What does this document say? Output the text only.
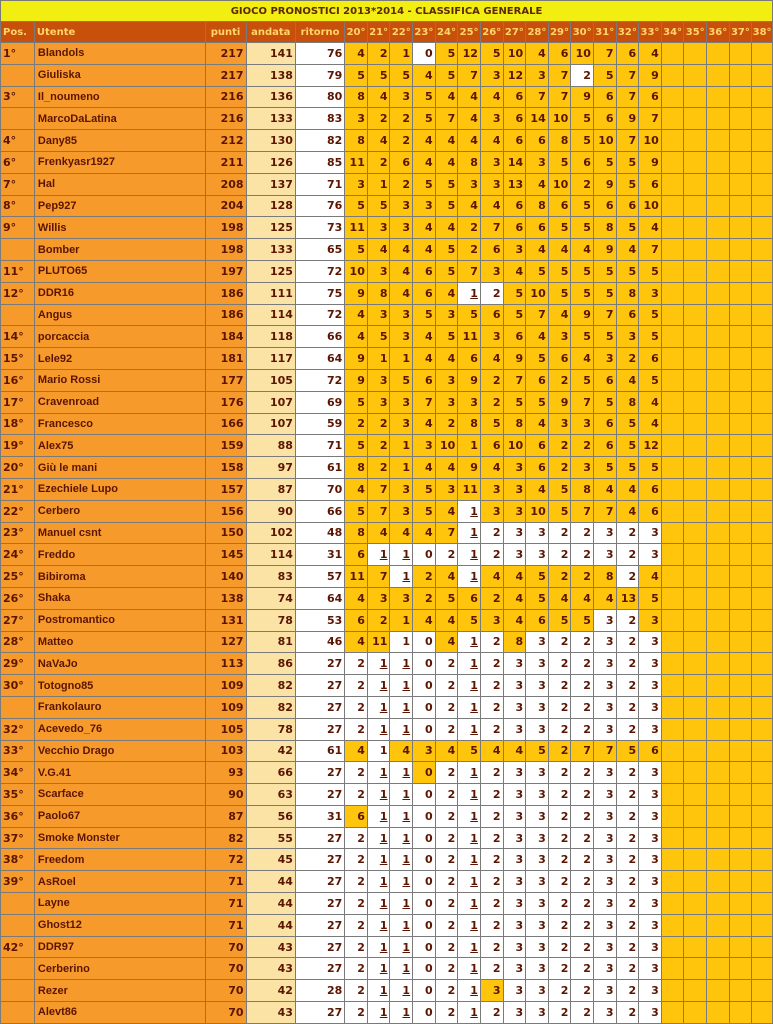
GIOCO PRONOSTICI 2013*2014 - CLASSIFICA GENERALE																							
Pos.	Utente	punti	andata	ritorno	20°	21°	22°	23°	24°	25°	26°	27°	28°	29°	30°	31°	32°	33°	34°	35°	36°	37°	38°
1°	Blandols	217	141	76	4	2	1	0	5	12	5	10	4	6	10	7	6	4					
	Giuliska	217	138	79	5	5	5	4	5	7	3	12	3	7	2	5	7	9					
3°	Il_noumeno	216	136	80	8	4	3	5	4	4	4	6	7	7	9	6	7	6					
	MarcoDaLatina	216	133	83	3	2	2	5	7	4	3	6	14	10	5	6	9	7					
4°	Dany85	212	130	82	8	4	2	4	4	4	4	6	6	8	5	10	7	10					
6°	Frenkyasr1927	211	126	85	11	2	6	4	4	8	3	14	3	5	6	5	5	9					
7°	Hal	208	137	71	3	1	2	5	5	3	3	13	4	10	2	9	5	6					
8°	Pep927	204	128	76	5	5	3	3	5	4	4	6	8	6	5	6	6	10					
9°	Willis	198	125	73	11	3	3	4	4	2	7	6	6	5	5	8	5	4					
	Bomber	198	133	65	5	4	4	4	5	2	6	3	4	4	4	9	4	7					
11°	PLUTO65	197	125	72	10	3	4	6	5	7	3	4	5	5	5	5	5	5					
12°	DDR16	186	111	75	9	8	4	6	4	1	2	5	10	5	5	5	8	3					
	Angus	186	114	72	4	3	3	5	3	5	6	5	7	4	9	7	6	5					
14°	porcaccia	184	118	66	4	5	3	4	5	11	3	6	4	3	5	5	3	5					
15°	Lele92	181	117	64	9	1	1	4	4	6	4	9	5	6	4	3	2	6					
16°	Mario Rossi	177	105	72	9	3	5	6	3	9	2	7	6	2	5	6	4	5					
17°	Cravenroad	176	107	69	5	3	3	7	3	3	2	5	5	9	7	5	8	4					
18°	Francesco	166	107	59	2	2	3	4	2	8	5	8	4	3	3	6	5	4					
19°	Alex75	159	88	71	5	2	1	3	10	1	6	10	6	2	2	6	5	12					
20°	Giù le mani	158	97	61	8	2	1	4	4	9	4	3	6	2	3	5	5	5					
21°	Ezechiele Lupo	157	87	70	4	7	3	5	3	11	3	3	4	5	8	4	4	6					
22°	Cerbero	156	90	66	5	7	3	5	4	1	3	3	10	5	7	7	4	6					
23°	Manuel csnt	150	102	48	8	4	4	4	7	1	2	3	3	2	2	3	2	3					
24°	Freddo	145	114	31	6	1	1	0	2	1	2	3	3	2	2	3	2	3					
25°	Bibiroma	140	83	57	11	7	1	2	4	1	4	4	5	2	2	8	2	4					
26°	Shaka	138	74	64	4	3	3	2	5	6	2	4	5	4	4	4	13	5					
27°	Postromantico	131	78	53	6	2	1	4	4	5	3	4	6	5	5	3	2	3					
28°	Matteo	127	81	46	4	11	1	0	4	1	2	8	3	2	2	3	2	3					
29°	NaVaJo	113	86	27	2	1	1	0	2	1	2	3	3	2	2	3	2	3					
30°	Totogno85	109	82	27	2	1	1	0	2	1	2	3	3	2	2	3	2	3					
	Frankolauro	109	82	27	2	1	1	0	2	1	2	3	3	2	2	3	2	3					
32°	Acevedo_76	105	78	27	2	1	1	0	2	1	2	3	3	2	2	3	2	3					
33°	Vecchio Drago	103	42	61	4	1	4	3	4	5	4	4	5	2	7	7	5	6					
34°	V.G.41	93	66	27	2	1	1	0	2	1	2	3	3	2	2	3	2	3					
35°	Scarface	90	63	27	2	1	1	0	2	1	2	3	3	2	2	3	2	3					
36°	Paolo67	87	56	31	6	1	1	0	2	1	2	3	3	2	2	3	2	3					
37°	Smoke Monster	82	55	27	2	1	1	0	2	1	2	3	3	2	2	3	2	3					
38°	Freedom	72	45	27	2	1	1	0	2	1	2	3	3	2	2	3	2	3					
39°	AsRoel	71	44	27	2	1	1	0	2	1	2	3	3	2	2	3	2	3					
	Layne	71	44	27	2	1	1	0	2	1	2	3	3	2	2	3	2	3					
	Ghost12	71	44	27	2	1	1	0	2	1	2	3	3	2	2	3	2	3					
42°	DDR97	70	43	27	2	1	1	0	2	1	2	3	3	2	2	3	2	3					
	Cerberino	70	43	27	2	1	1	0	2	1	2	3	3	2	2	3	2	3					
	Rezer	70	42	28	2	1	1	0	2	1	3	3	3	2	2	3	2	3					
	Alevt86	70	43	27	2	1	1	0	2	1	2	3	3	2	2	3	2	3					
